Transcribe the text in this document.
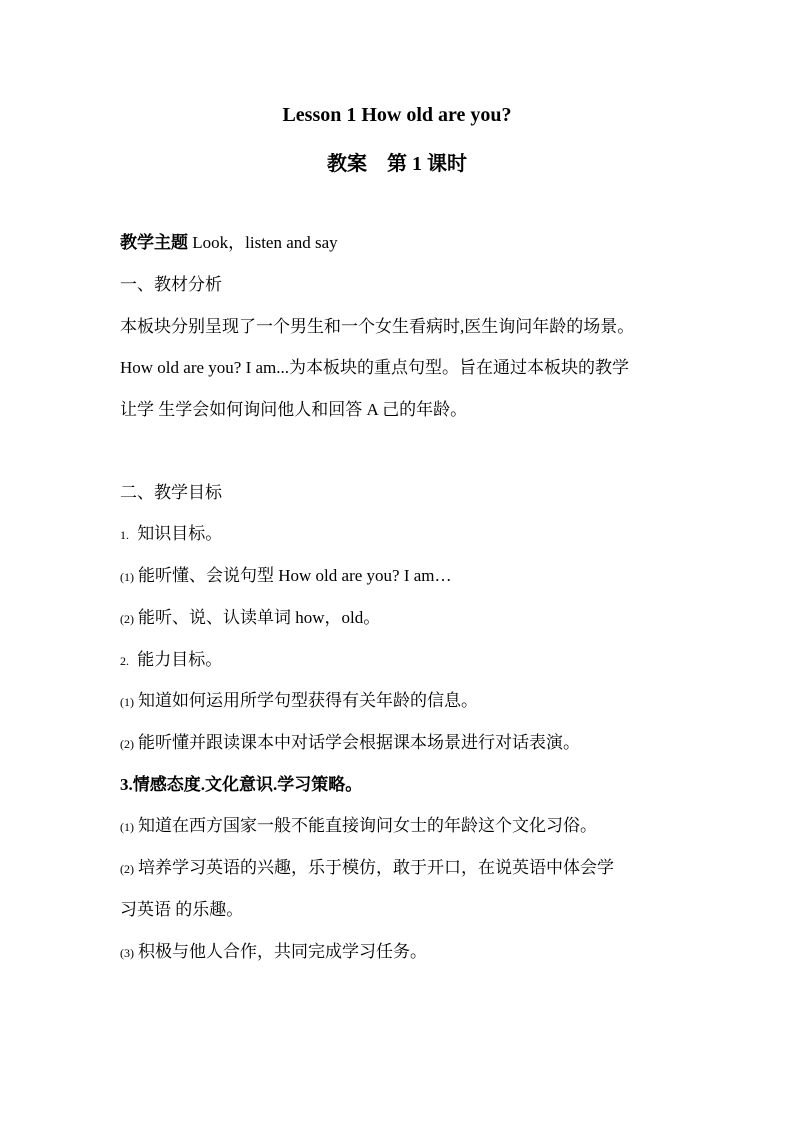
Lesson 1 How old are you?
教案　第 1 课时
教学主题 Look，listen and say
一、教材分析
本板块分别呈现了一个男生和一个女生看病时,医生询问年龄的场景。
How old are you? I am...为本板块的重点句型。旨在通过本板块的教学
让学 生学会如何询问他人和回答 A 己的年龄。
二、教学目标
1. 知识目标。
(1) 能听懂、会说句型 How old are you? I am…
(2) 能听、说、认读单词 how，old。
2. 能力目标。
(1) 知道如何运用所学句型获得有关年龄的信息。
(2) 能听懂并跟读课本中对话学会根据课本场景进行对话表演。
3.情感态度.文化意识.学习策略。
(1) 知道在西方国家一般不能直接询问女士的年龄这个文化习俗。
(2) 培养学习英语的兴趣，乐于模仿，敢于开口，在说英语中体会学
习英语 的乐趣。
(3) 积极与他人合作，共同完成学习任务。
